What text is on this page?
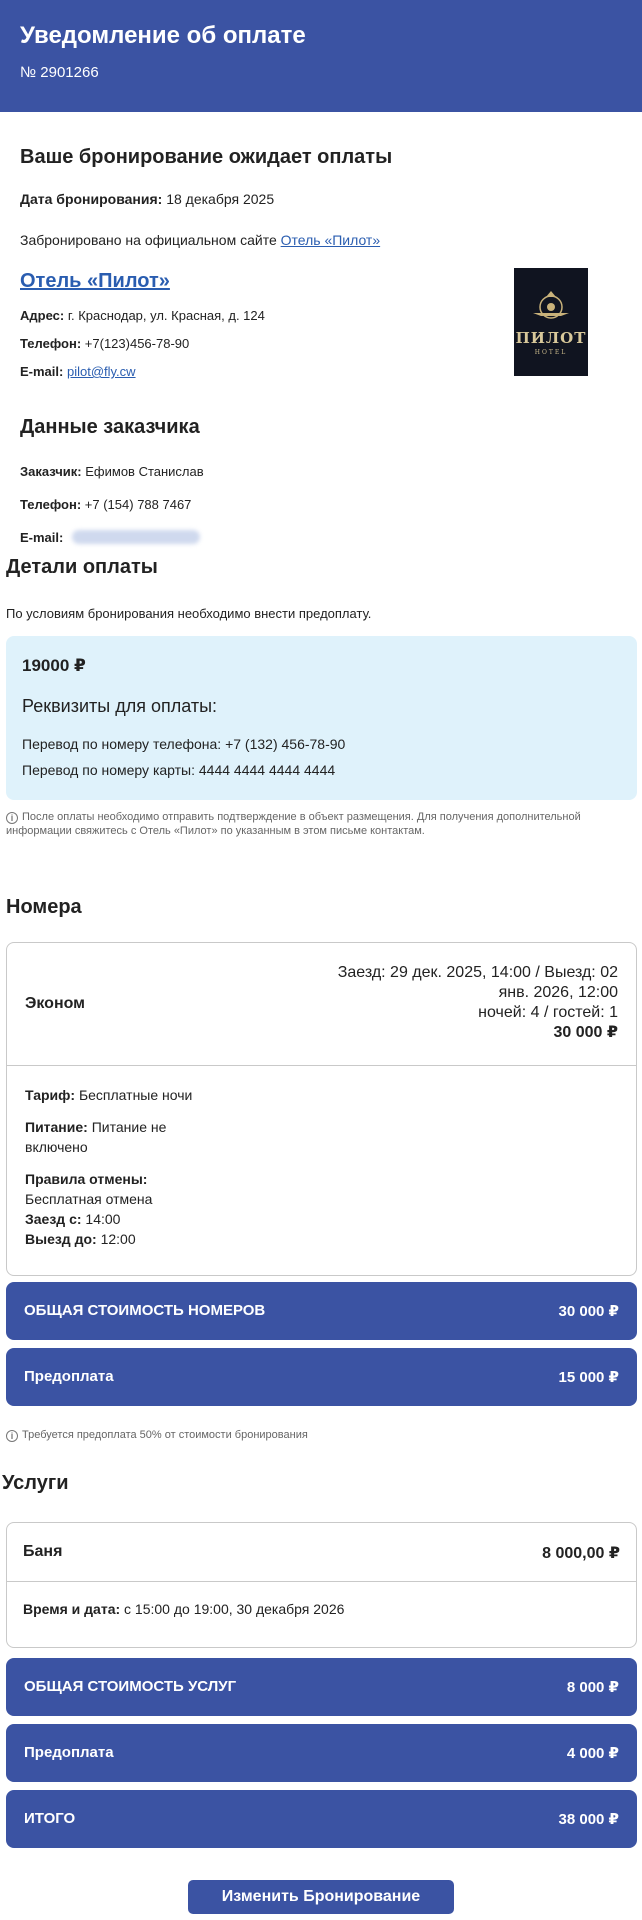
Уведомление об оплате
№ 2901266
Ваше бронирование ожидает оплаты
Дата бронирования: 18 декабря 2025
Забронировано на официальном сайте Отель «Пилот»
Отель «Пилот»
Адрес: г. Краснодар, ул. Красная, д. 124
Телефон: +7(123)456-78-90
E-mail: pilot@fly.cw
ПИЛОТ
HOTEL
Данные заказчика
Заказчик: Ефимов Станислав
Телефон: +7 (154) 788 7467
E-mail:
Детали оплаты
По условиям бронирования необходимо внести предоплату.
19000 ₽
Реквизиты для оплаты:
Перевод по номеру телефона: +7 (132) 456-78-90
Перевод по номеру карты: 4444 4444 4444 4444
i После оплаты необходимо отправить подтверждение в объект размещения. Для получения дополнительной информации свяжитесь с Отель «Пилот» по указанным в этом письме контактам.
Номера
Эконом
Заезд: 29 дек. 2025, 14:00 / Выезд: 02
янв. 2026, 12:00
ночей: 4 / гостей: 1
30 000 ₽
Тариф: Бесплатные ночи
Питание: Питание не
включено
Правила отмены:
Бесплатная отмена
Заезд с: 14:00
Выезд до: 12:00
ОБЩАЯ СТОИМОСТЬ НОМЕРОВ	30 000 ₽
Предоплата	15 000 ₽
i Требуется предоплата 50% от стоимости бронирования
Услуги
Баня	8 000,00 ₽
Время и дата: с 15:00 до 19:00, 30 декабря 2026
ОБЩАЯ СТОИМОСТЬ УСЛУГ	8 000 ₽
Предоплата	4 000 ₽
ИТОГО	38 000 ₽
Изменить Бронирование
